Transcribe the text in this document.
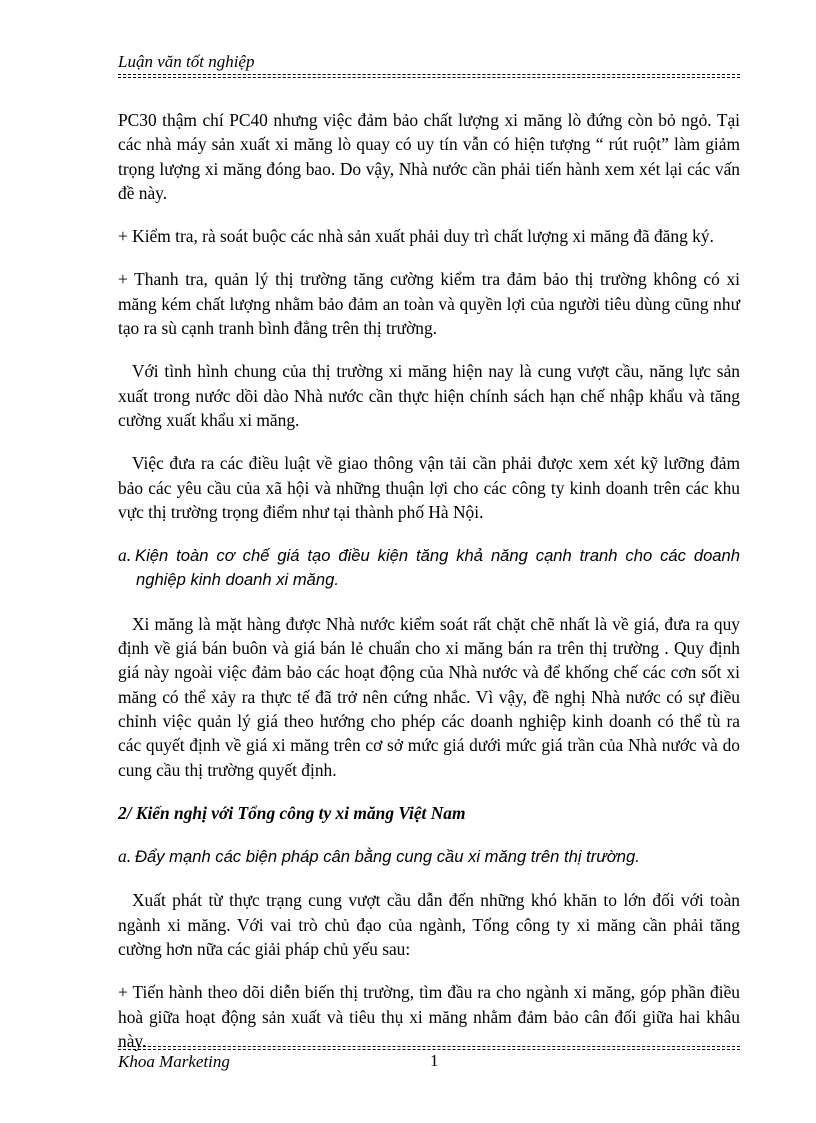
Luận văn tốt nghiệp

PC30 thậm chí PC40 nhưng việc đảm bảo chất lượng xi măng lò đứng còn bỏ ngỏ. Tại các nhà máy sản xuất xi măng lò quay có uy tín vẫn có hiện tượng “ rút ruột” làm giảm trọng lượng xi măng đóng bao. Do vậy, Nhà nước cần phải tiến hành xem xét lại các vấn đề này.

+ Kiểm tra, rà soát buộc các nhà sản xuất phải duy trì chất lượng xi măng đã đăng ký.

+ Thanh tra, quản lý thị trường tăng cường kiểm tra đảm bảo thị trường không có xi măng kém chất lượng nhằm bảo đảm an toàn và quyền lợi của người tiêu dùng cũng như tạo ra sù cạnh tranh bình đẳng trên thị trường.

Với tình hình chung của thị trường xi măng hiện nay là cung vượt cầu, năng lực sản xuất trong nước dồi dào Nhà nước cần thực hiện chính sách hạn chế nhập khẩu và tăng cường xuất khẩu xi măng.

Việc đưa ra các điều luật về giao thông vận tải cần phải được xem xét kỹ lưỡng đảm bảo các yêu cầu của xã hội và những thuận lợi cho các công ty kinh doanh trên các khu vực thị trường trọng điểm như tại thành phố Hà Nội.

a. Kiện toàn cơ chế giá tạo điều kiện tăng khả năng cạnh tranh cho các doanh nghiệp kinh doanh xi măng.

Xi măng là mặt hàng được Nhà nước kiểm soát rất chặt chẽ nhất là về giá, đưa ra quy định về giá bán buôn và giá bán lẻ chuẩn cho xi măng bán ra trên thị trường . Quy định giá này ngoài việc đảm bảo các hoạt động của Nhà nước và để khống chế các cơn sốt xi măng có thể xảy ra thực tế đã trở nên cứng nhắc. Vì vậy, đề nghị Nhà nước có sự điều chỉnh việc quản lý giá theo hướng cho phép các doanh nghiệp kinh doanh có thể tù ra các quyết định về giá xi măng trên cơ sở mức giá dưới mức giá trần của Nhà nước và do cung cầu thị trường quyết định.

2/ Kiến nghị với Tổng công ty xi măng Việt Nam

a. Đẩy mạnh các biện pháp cân bằng cung cầu xi măng trên thị trường.

Xuất phát từ thực trạng cung vượt cầu dẫn đến những khó khăn to lớn đối với toàn ngành xi măng. Với vai trò chủ đạo của ngành, Tổng công ty xi măng cần phải tăng cường hơn nữa các giải pháp chủ yếu sau:

+ Tiến hành theo dõi diễn biến thị trường, tìm đầu ra cho ngành xi măng, góp phần điều hoà giữa hoạt động sản xuất và tiêu thụ xi măng nhằm đảm bảo cân đối giữa hai khâu này.

Khoa Marketing	1
